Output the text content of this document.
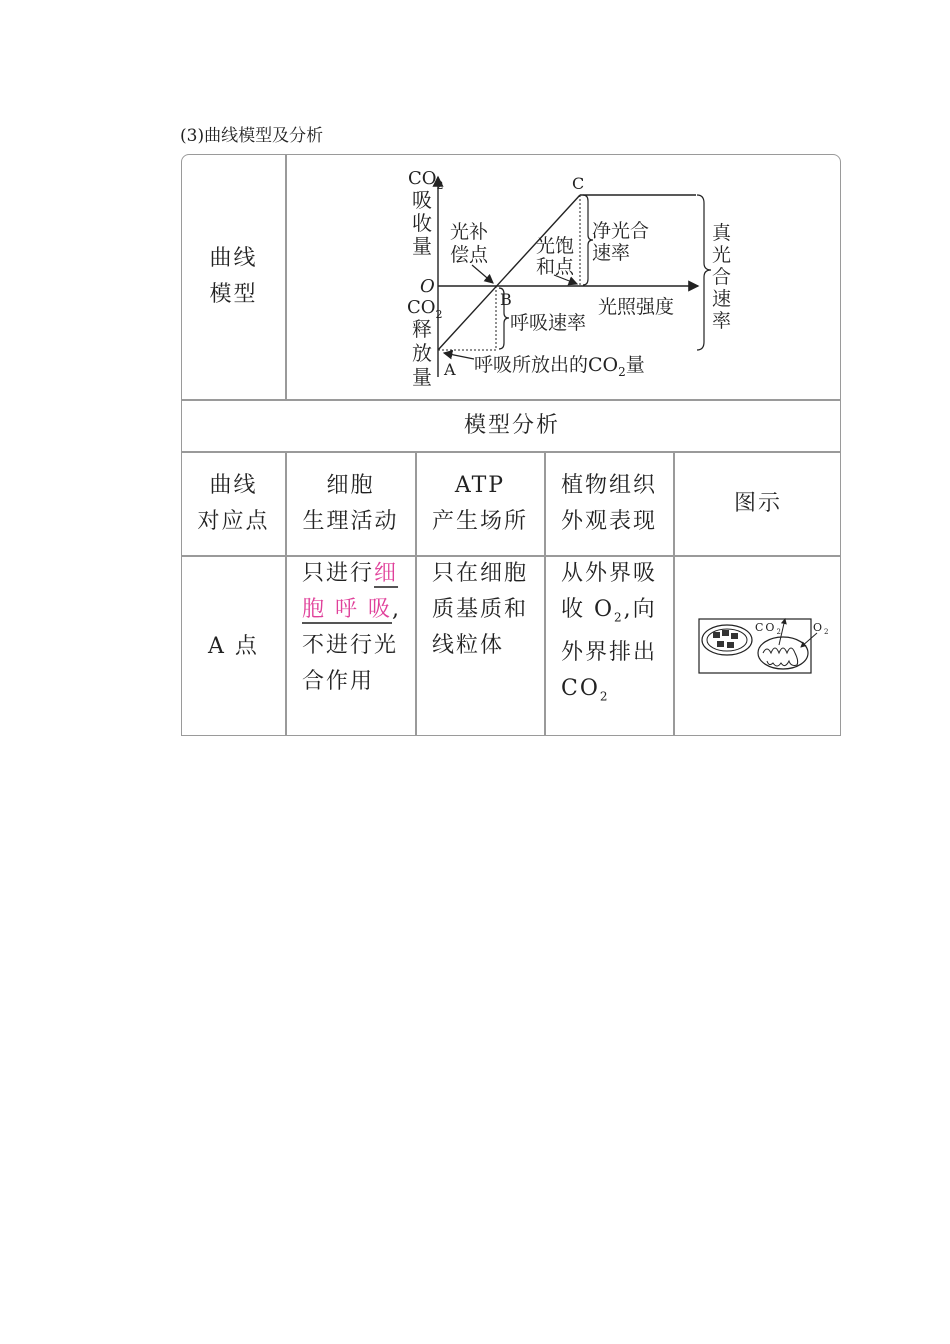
(3)曲线模型及分析
曲线
模型
$CO_2$
吸
收
量
O
$CO_2$
释
放
量 A
B
C
光照强度
光补
偿点	光饱
和点
净光合
速率
呼吸速率
呼吸所放出的$CO_2$量
真
光
合
速
率
模型分析
曲线
对应点
细胞
生理活动
ATP
产生场所
植物组织
外观表现
图示
A 点
只进行细
胞 呼 吸,
不进行光
合作用
只在细胞
质基质和
线粒体
从外界吸
收 $O_2$,向
外界排出
$CO_2$
$CO_2$	$O_2$
